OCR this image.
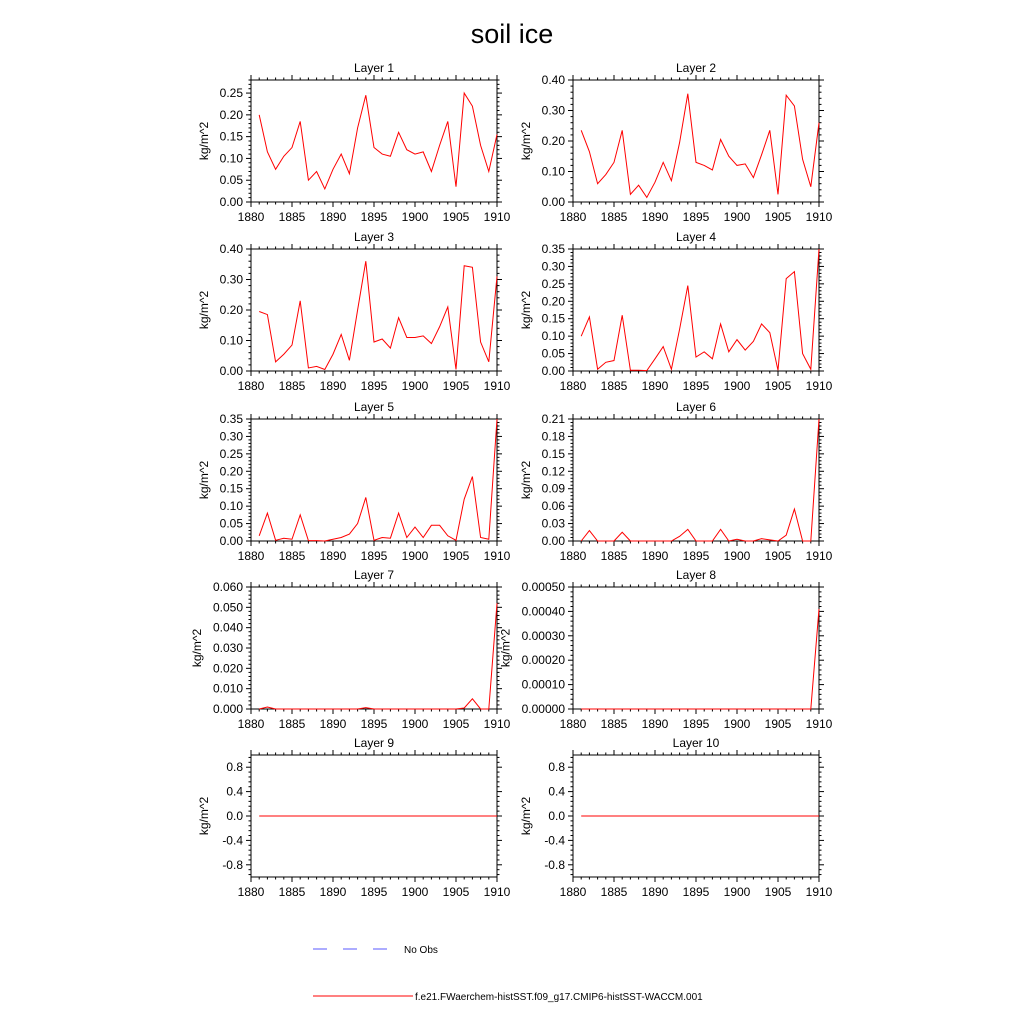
soil ice
Layer 1
1880 1885 1890 1895 1900 1905 1910
0.00
0.05
0.10
0.15
0.20
0.25
kg/m^2
Layer 2
1880 1885 1890 1895 1900 1905 1910
0.00
0.10
0.20
0.30
0.40
kg/m^2
Layer 3
1880 1885 1890 1895 1900 1905 1910
0.00
0.10
0.20
0.30
0.40
kg/m^2
Layer 4
1880 1885 1890 1895 1900 1905 1910
0.00
0.05
0.10
0.15
0.20
0.25
0.30
0.35
kg/m^2
Layer 5
1880 1885 1890 1895 1900 1905 1910
0.00
0.05
0.10
0.15
0.20
0.25
0.30
0.35
kg/m^2
Layer 6
1880 1885 1890 1895 1900 1905 1910
0.00
0.03
0.06
0.09
0.12
0.15
0.18
0.21
kg/m^2
Layer 7
1880 1885 1890 1895 1900 1905 1910
0.000
0.010
0.020
0.030
0.040
0.050
0.060
kg/m^2
Layer 8
1880 1885 1890 1895 1900 1905 1910
0.00000
0.00010
0.00020
0.00030
0.00040
0.00050
kg/m^2
Layer 9
1880 1885 1890 1895 1900 1905 1910
-0.8
-0.4
0.0
0.4
0.8
kg/m^2
Layer 10
1880 1885 1890 1895 1900 1905 1910
-0.8
-0.4
0.0
0.4
0.8
kg/m^2
No Obs
f.e21.FWaerchem-histSST.f09_g17.CMIP6-histSST-WACCM.001
